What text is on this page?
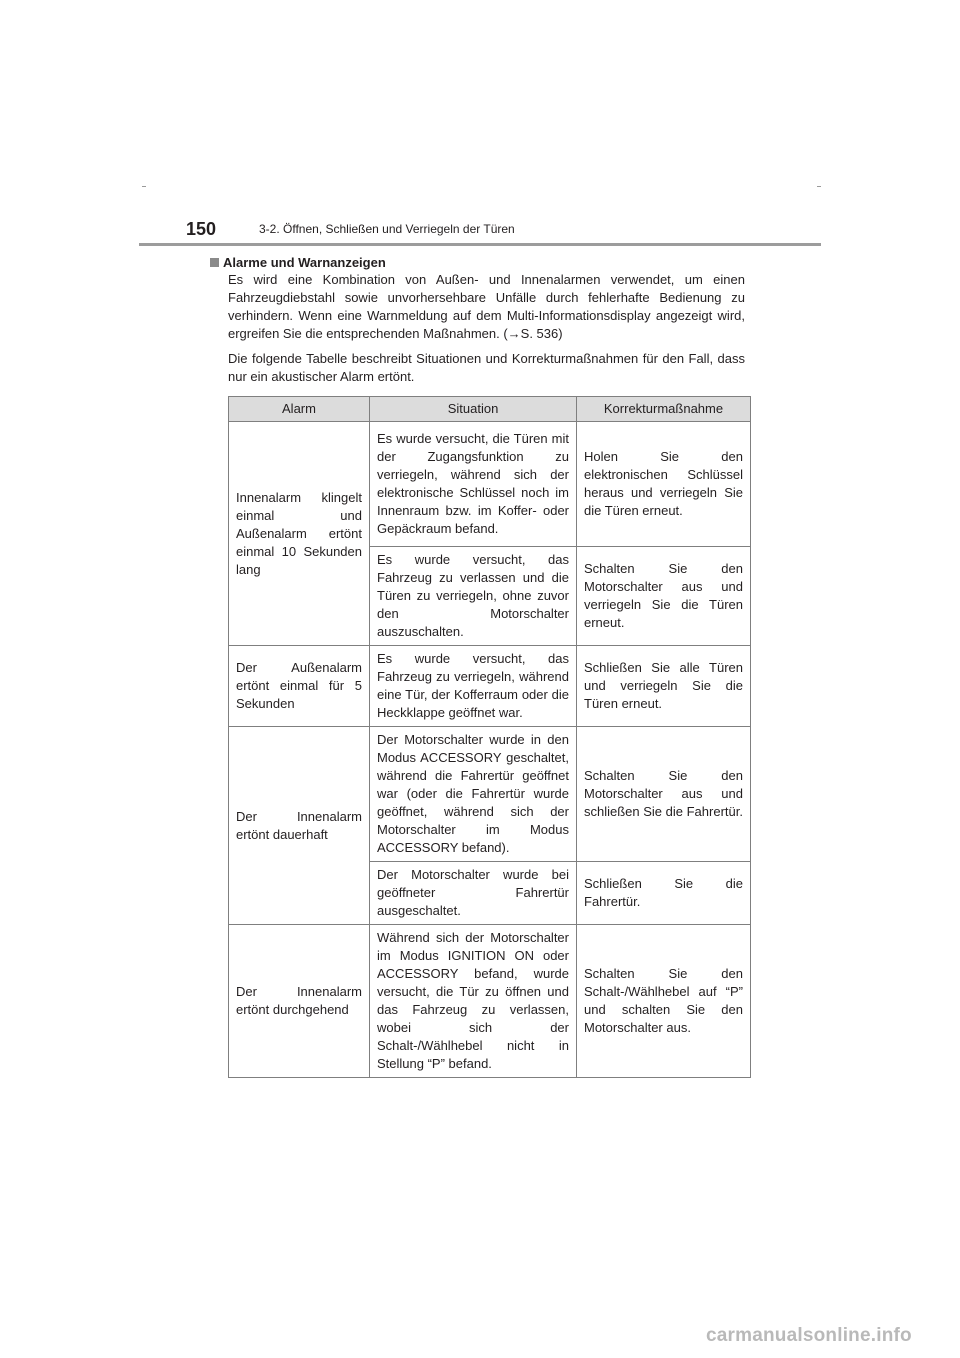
150	3-2. Öffnen, Schließen und Verriegeln der Türen
Alarme und Warnanzeigen
Es wird eine Kombination von Außen- und Innenalarmen verwendet, um einen Fahrzeugdiebstahl sowie unvorhersehbare Unfälle durch fehlerhafte Bedienung zu verhindern. Wenn eine Warnmeldung auf dem Multi-Informationsdisplay angezeigt wird, ergreifen Sie die entsprechenden Maßnahmen. (→S. 536)
Die folgende Tabelle beschreibt Situationen und Korrekturmaßnahmen für den Fall, dass nur ein akustischer Alarm ertönt.
Alarm	Situation	Korrekturmaßnahme
Innenalarm klingelt einmal und Außenalarm ertönt einmal 10 Sekunden lang	Es wurde versucht, die Türen mit der Zugangsfunktion zu verriegeln, während sich der elektronische Schlüssel noch im Innenraum bzw. im Koffer- oder Gepäckraum befand.	Holen Sie den elektronischen Schlüssel heraus und verriegeln Sie die Türen erneut.
	Es wurde versucht, das Fahrzeug zu verlassen und die Türen zu verriegeln, ohne zuvor den Motorschalter auszuschalten.	Schalten Sie den Motorschalter aus und verriegeln Sie die Türen erneut.
Der Außenalarm ertönt einmal für 5 Sekunden	Es wurde versucht, das Fahrzeug zu verriegeln, während eine Tür, der Kofferraum oder die Heckklappe geöffnet war.	Schließen Sie alle Türen und verriegeln Sie die Türen erneut.
Der Innenalarm ertönt dauerhaft	Der Motorschalter wurde in den Modus ACCESSORY geschaltet, während die Fahrertür geöffnet war (oder die Fahrertür wurde geöffnet, während sich der Motorschalter im Modus ACCESSORY befand).	Schalten Sie den Motorschalter aus und schließen Sie die Fahrertür.
	Der Motorschalter wurde bei geöffneter Fahrertür ausgeschaltet.	Schließen Sie die Fahrertür.
Der Innenalarm ertönt durchgehend	Während sich der Motorschalter im Modus IGNITION ON oder ACCESSORY befand, wurde versucht, die Tür zu öffnen und das Fahrzeug zu verlassen, wobei sich der Schalt-/Wählhebel nicht in Stellung “P” befand.	Schalten Sie den Schalt-/Wählhebel auf “P” und schalten Sie den Motorschalter aus.
carmanualsonline.info
